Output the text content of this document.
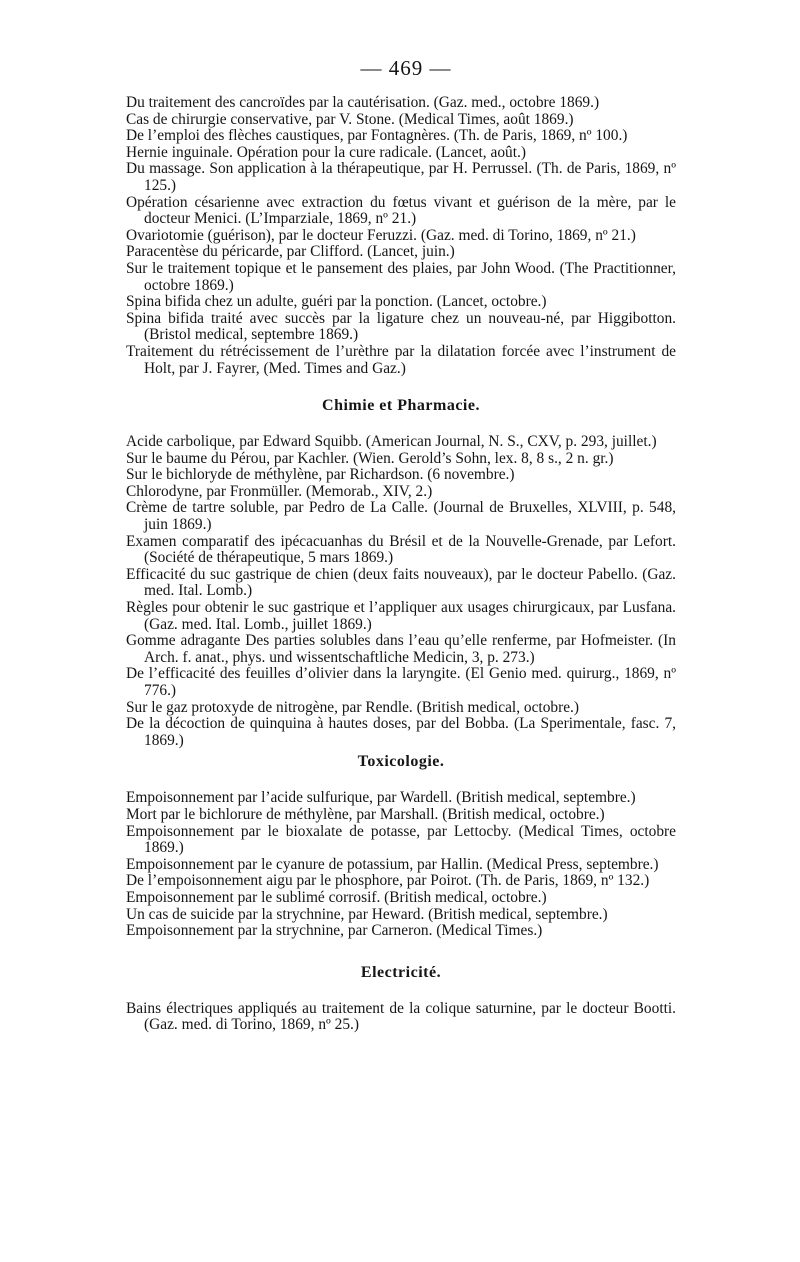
— 469 —
Du traitement des cancroïdes par la cautérisation. (Gaz. med., octobre 1869.)
Cas de chirurgie conservative, par V. Stone. (Medical Times, août 1869.)
De l’emploi des flèches caustiques, par Fontagnères. (Th. de Paris, 1869, nº 100.)
Hernie inguinale. Opération pour la cure radicale. (Lancet, août.)
Du massage. Son application à la thérapeutique, par H. Perrussel. (Th. de Paris, 1869, nº 125.)
Opération césarienne avec extraction du fœtus vivant et guérison de la mère, par le docteur Menici. (L’Imparziale, 1869, nº 21.)
Ovariotomie (guérison), par le docteur Feruzzi. (Gaz. med. di Torino, 1869, nº 21.)
Paracentèse du péricarde, par Clifford. (Lancet, juin.)
Sur le traitement topique et le pansement des plaies, par John Wood. (The Practitionner, octobre 1869.)
Spina bifida chez un adulte, guéri par la ponction. (Lancet, octobre.)
Spina bifida traité avec succès par la ligature chez un nouveau-né, par Higgibotton. (Bristol medical, septembre 1869.)
Traitement du rétrécissement de l’urèthre par la dilatation forcée avec l’instrument de Holt, par J. Fayrer, (Med. Times and Gaz.)
Chimie et Pharmacie.
Acide carbolique, par Edward Squibb. (American Journal, N. S., CXV, p. 293, juillet.)
Sur le baume du Pérou, par Kachler. (Wien. Gerold’s Sohn, lex. 8, 8 s., 2 n. gr.)
Sur le bichloryde de méthylène, par Richardson. (6 novembre.)
Chlorodyne, par Fronmüller. (Memorab., XIV, 2.)
Crème de tartre soluble, par Pedro de La Calle. (Journal de Bruxelles, XLVIII, p. 548, juin 1869.)
Examen comparatif des ipécacuanhas du Brésil et de la Nouvelle-Grenade, par Lefort. (Société de thérapeutique, 5 mars 1869.)
Efficacité du suc gastrique de chien (deux faits nouveaux), par le docteur Pabello. (Gaz. med. Ital. Lomb.)
Règles pour obtenir le suc gastrique et l’appliquer aux usages chirurgicaux, par Lusfana. (Gaz. med. Ital. Lomb., juillet 1869.)
Gomme adragante Des parties solubles dans l’eau qu’elle renferme, par Hofmeister. (In Arch. f. anat., phys. und wissentschaftliche Medicin, 3, p. 273.)
De l’efficacité des feuilles d’olivier dans la laryngite. (El Genio med. quirurg., 1869, nº 776.)
Sur le gaz protoxyde de nitrogène, par Rendle. (British medical, octobre.)
De la décoction de quinquina à hautes doses, par del Bobba. (La Sperimentale, fasc. 7, 1869.)
Toxicologie.
Empoisonnement par l’acide sulfurique, par Wardell. (British medical, septembre.)
Mort par le bichlorure de méthylène, par Marshall. (British medical, octobre.)
Empoisonnement par le bioxalate de potasse, par Lettocby. (Medical Times, octobre 1869.)
Empoisonnement par le cyanure de potassium, par Hallin. (Medical Press, septembre.)
De l’empoisonnement aigu par le phosphore, par Poirot. (Th. de Paris, 1869, nº 132.)
Empoisonnement par le sublimé corrosif. (British medical, octobre.)
Un cas de suicide par la strychnine, par Heward. (British medical, septembre.)
Empoisonnement par la strychnine, par Carneron. (Medical Times.)
Electricité.
Bains électriques appliqués au traitement de la colique saturnine, par le docteur Bootti. (Gaz. med. di Torino, 1869, nº 25.)
